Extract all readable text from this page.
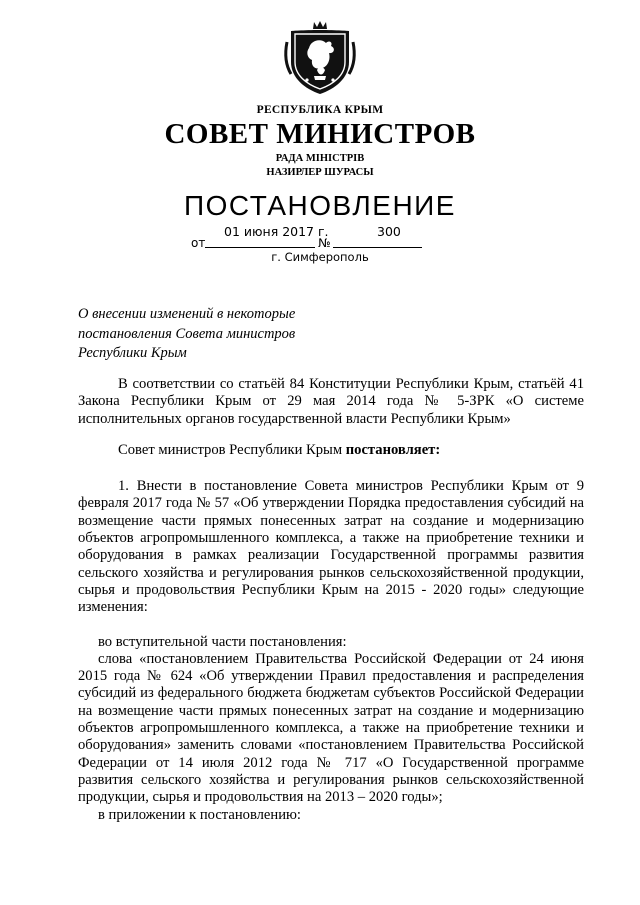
РЕСПУБЛИКА КРЫМ
СОВЕТ МИНИСТРОВ
РАДА МІНІСТРІВ
НАЗИРЛЕР ШУРАСЫ
ПОСТАНОВЛЕНИЕ
от
01 июня 2017 г.
№
300
г. Симферополь
О внесении изменений в некоторые
постановления Совета министров
Республики Крым

В соответствии со статьёй 84 Конституции Республики Крым, статьёй 41 Закона Республики Крым от 29 мая 2014 года № 5-ЗРК «О системе исполнительных органов государственной власти Республики Крым»

Совет министров Республики Крым постановляет:

1. Внести в постановление Совета министров Республики Крым от 9 февраля 2017 года № 57 «Об утверждении Порядка предоставления субсидий на возмещение части прямых понесенных затрат на создание и модернизацию объектов агропромышленного комплекса, а также на приобретение техники и оборудования в рамках реализации Государственной программы развития сельского хозяйства и регулирования рынков сельскохозяйственной продукции, сырья и продовольствия Республики Крым на 2015 - 2020 годы» следующие изменения:

во вступительной части постановления:

слова «постановлением Правительства Российской Федерации от 24 июня 2015 года № 624 «Об утверждении Правил предоставления и распределения субсидий из федерального бюджета бюджетам субъектов Российской Федерации на возмещение части прямых понесенных затрат на создание и модернизацию объектов агропромышленного комплекса, а также на приобретение техники и оборудования» заменить словами «постановлением Правительства Российской Федерации от 14 июля 2012 года № 717 «О Государственной программе развития сельского хозяйства и регулирования рынков сельскохозяйственной продукции, сырья и продовольствия на 2013 – 2020 годы»;

в приложении к постановлению:
